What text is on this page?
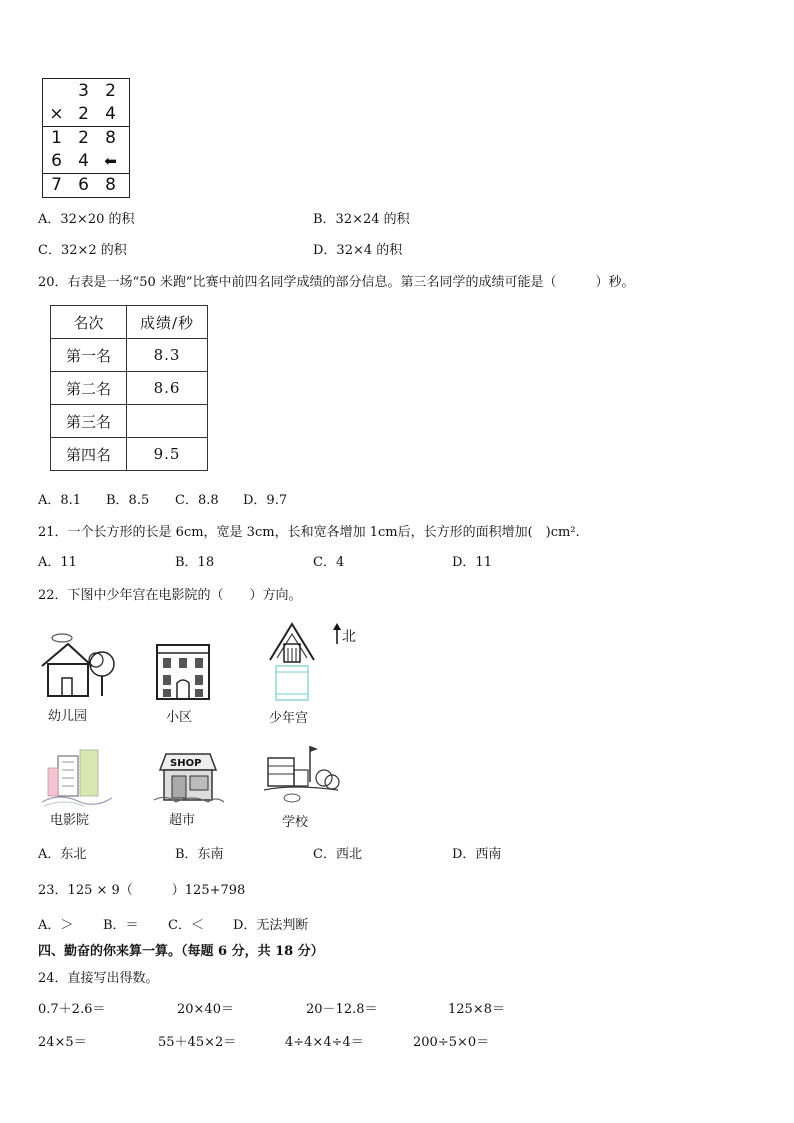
3 2
× 2 4
1 2 8
6 4	⬅
7 6 8
A．32×20 的积	B．32×24 的积
C．32×2 的积	D．32×4 的积
20．右表是一场“50 米跑”比赛中前四名同学成绩的部分信息。第三名同学的成绩可能是（　　　）秒。
名次	成绩/秒
第一名	8.3
第二名	8.6
第三名	
第四名	9.5
A．8.1 B．8.5 C．8.8 D．9.7
21．一个长方形的长是 6cm，宽是 3cm，长和宽各增加 1cm后，长方形的面积增加(　)cm².
A．11	B．18	C．4	D．11
22．下图中少年宫在电影院的（　　）方向。
幼儿园	小区	少年宫
北
电影院
SHOP
超市	学校
A．东北	B．东南	C．西北	D．西南
23．125 × 9（　　　）125+798
A．＞ B．＝ C．＜ D．无法判断
四、勤奋的你来算一算。（每题 6 分，共 18 分）
24．直接写出得数。
0.7＋2.6＝	20×40＝	20－12.8＝	125×8＝
24×5＝	55＋45×2＝	4÷4×4÷4＝	200÷5×0＝
